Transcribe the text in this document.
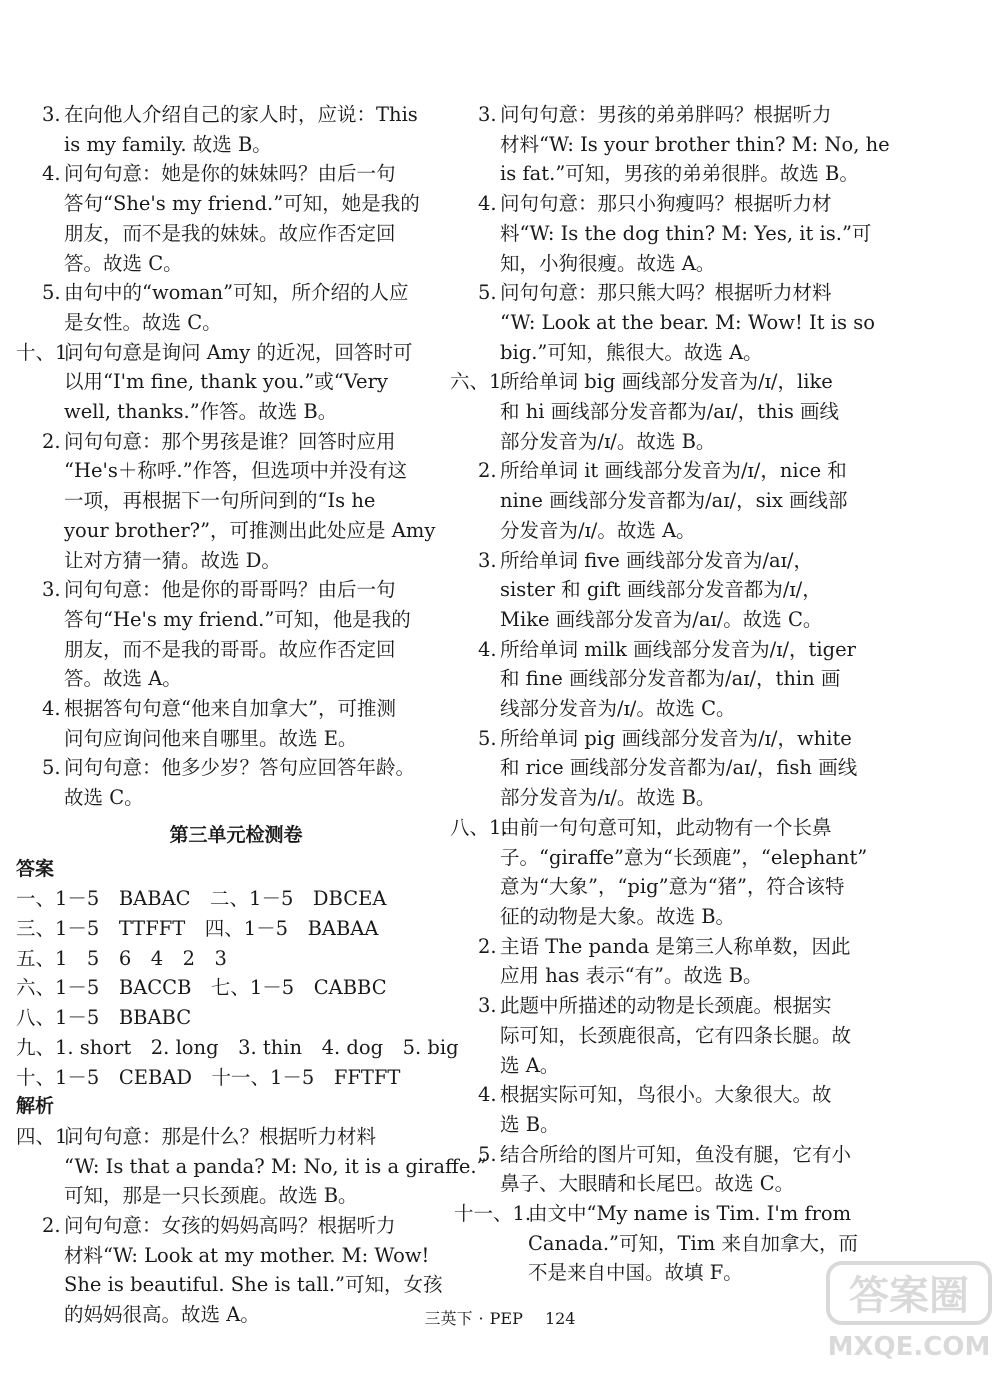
3. 在向他人介绍自己的家人时，应说：This

is my family. 故选 B。

4. 问句句意：她是你的妹妹吗？由后一句

答句“She's my friend.”可知，她是我的

朋友，而不是我的妹妹。故应作否定回

答。故选 C。

5. 由句中的“woman”可知，所介绍的人应

是女性。故选 C。

十、1.

问句句意是询问 Amy 的近况，回答时可

以用“I'm fine, thank you.”或“Very

well, thanks.”作答。故选 B。

2. 问句句意：那个男孩是谁？回答时应用

“He's＋称呼.”作答，但选项中并没有这

一项，再根据下一句所问到的“Is he

your brother?”，可推测出此处应是 Amy

让对方猜一猜。故选 D。

3. 问句句意：他是你的哥哥吗？由后一句

答句“He's my friend.”可知，他是我的

朋友，而不是我的哥哥。故应作否定回

答。故选 A。

4. 根据答句句意“他来自加拿大”，可推测

问句应询问他来自哪里。故选 E。

5. 问句句意：他多少岁？答句应回答年龄。

故选 C。

第三单元检测卷
答案
一、1－5　BABAC　二、1－5　DBCEA
三、1－5　TTFFT　四、1－5　BABAA
五、1　5　6　4　2　3
六、1－5　BACCB　七、1－5　CABBC
八、1－5　BBABC
九、1. short　2. long　3. thin　4. dog　5. big
十、1－5　CEBAD　十一、1－5　FFTFT
解析
四、1.

问句句意：那是什么？根据听力材料

“W: Is that a panda? M: No, it is a giraffe.”

可知，那是一只长颈鹿。故选 B。

2. 问句句意：女孩的妈妈高吗？根据听力

材料“W: Look at my mother. M: Wow!

She is beautiful. She is tall.”可知，女孩

的妈妈很高。故选 A。

3. 问句句意：男孩的弟弟胖吗？根据听力

材料“W: Is your brother thin? M: No, he

is fat.”可知，男孩的弟弟很胖。故选 B。

4. 问句句意：那只小狗瘦吗？根据听力材

料“W: Is the dog thin? M: Yes, it is.”可

知，小狗很瘦。故选 A。

5. 问句句意：那只熊大吗？根据听力材料

“W: Look at the bear. M: Wow! It is so

big.”可知，熊很大。故选 A。

六、1.

所给单词 big 画线部分发音为/ɪ/，like

和 hi 画线部分发音都为/aɪ/，this 画线

部分发音为/ɪ/。故选 B。

2. 所给单词 it 画线部分发音为/ɪ/，nice 和

nine 画线部分发音都为/aɪ/，six 画线部

分发音为/ɪ/。故选 A。

3. 所给单词 five 画线部分发音为/aɪ/，

sister 和 gift 画线部分发音都为/ɪ/，

Mike 画线部分发音为/aɪ/。故选 C。

4. 所给单词 milk 画线部分发音为/ɪ/，tiger

和 fine 画线部分发音都为/aɪ/，thin 画

线部分发音为/ɪ/。故选 C。

5. 所给单词 pig 画线部分发音为/ɪ/，white

和 rice 画线部分发音都为/aɪ/，fish 画线

部分发音为/ɪ/。故选 B。

八、1.

由前一句句意可知，此动物有一个长鼻

子。“giraffe”意为“长颈鹿”，“elephant”

意为“大象”，“pig”意为“猪”，符合该特

征的动物是大象。故选 B。

2. 主语 The panda 是第三人称单数，因此

应用 has 表示“有”。故选 B。

3. 此题中所描述的动物是长颈鹿。根据实

际可知，长颈鹿很高，它有四条长腿。故

选 A。

4. 根据实际可知，鸟很小。大象很大。故

选 B。

5. 结合所给的图片可知，鱼没有腿，它有小

鼻子、大眼睛和长尾巴。故选 C。

十一、1.

由文中“My name is Tim. I'm from

Canada.”可知，Tim 来自加拿大，而

不是来自中国。故填 F。

三英下 · PEP 124	答案圈
MXQE.COM
